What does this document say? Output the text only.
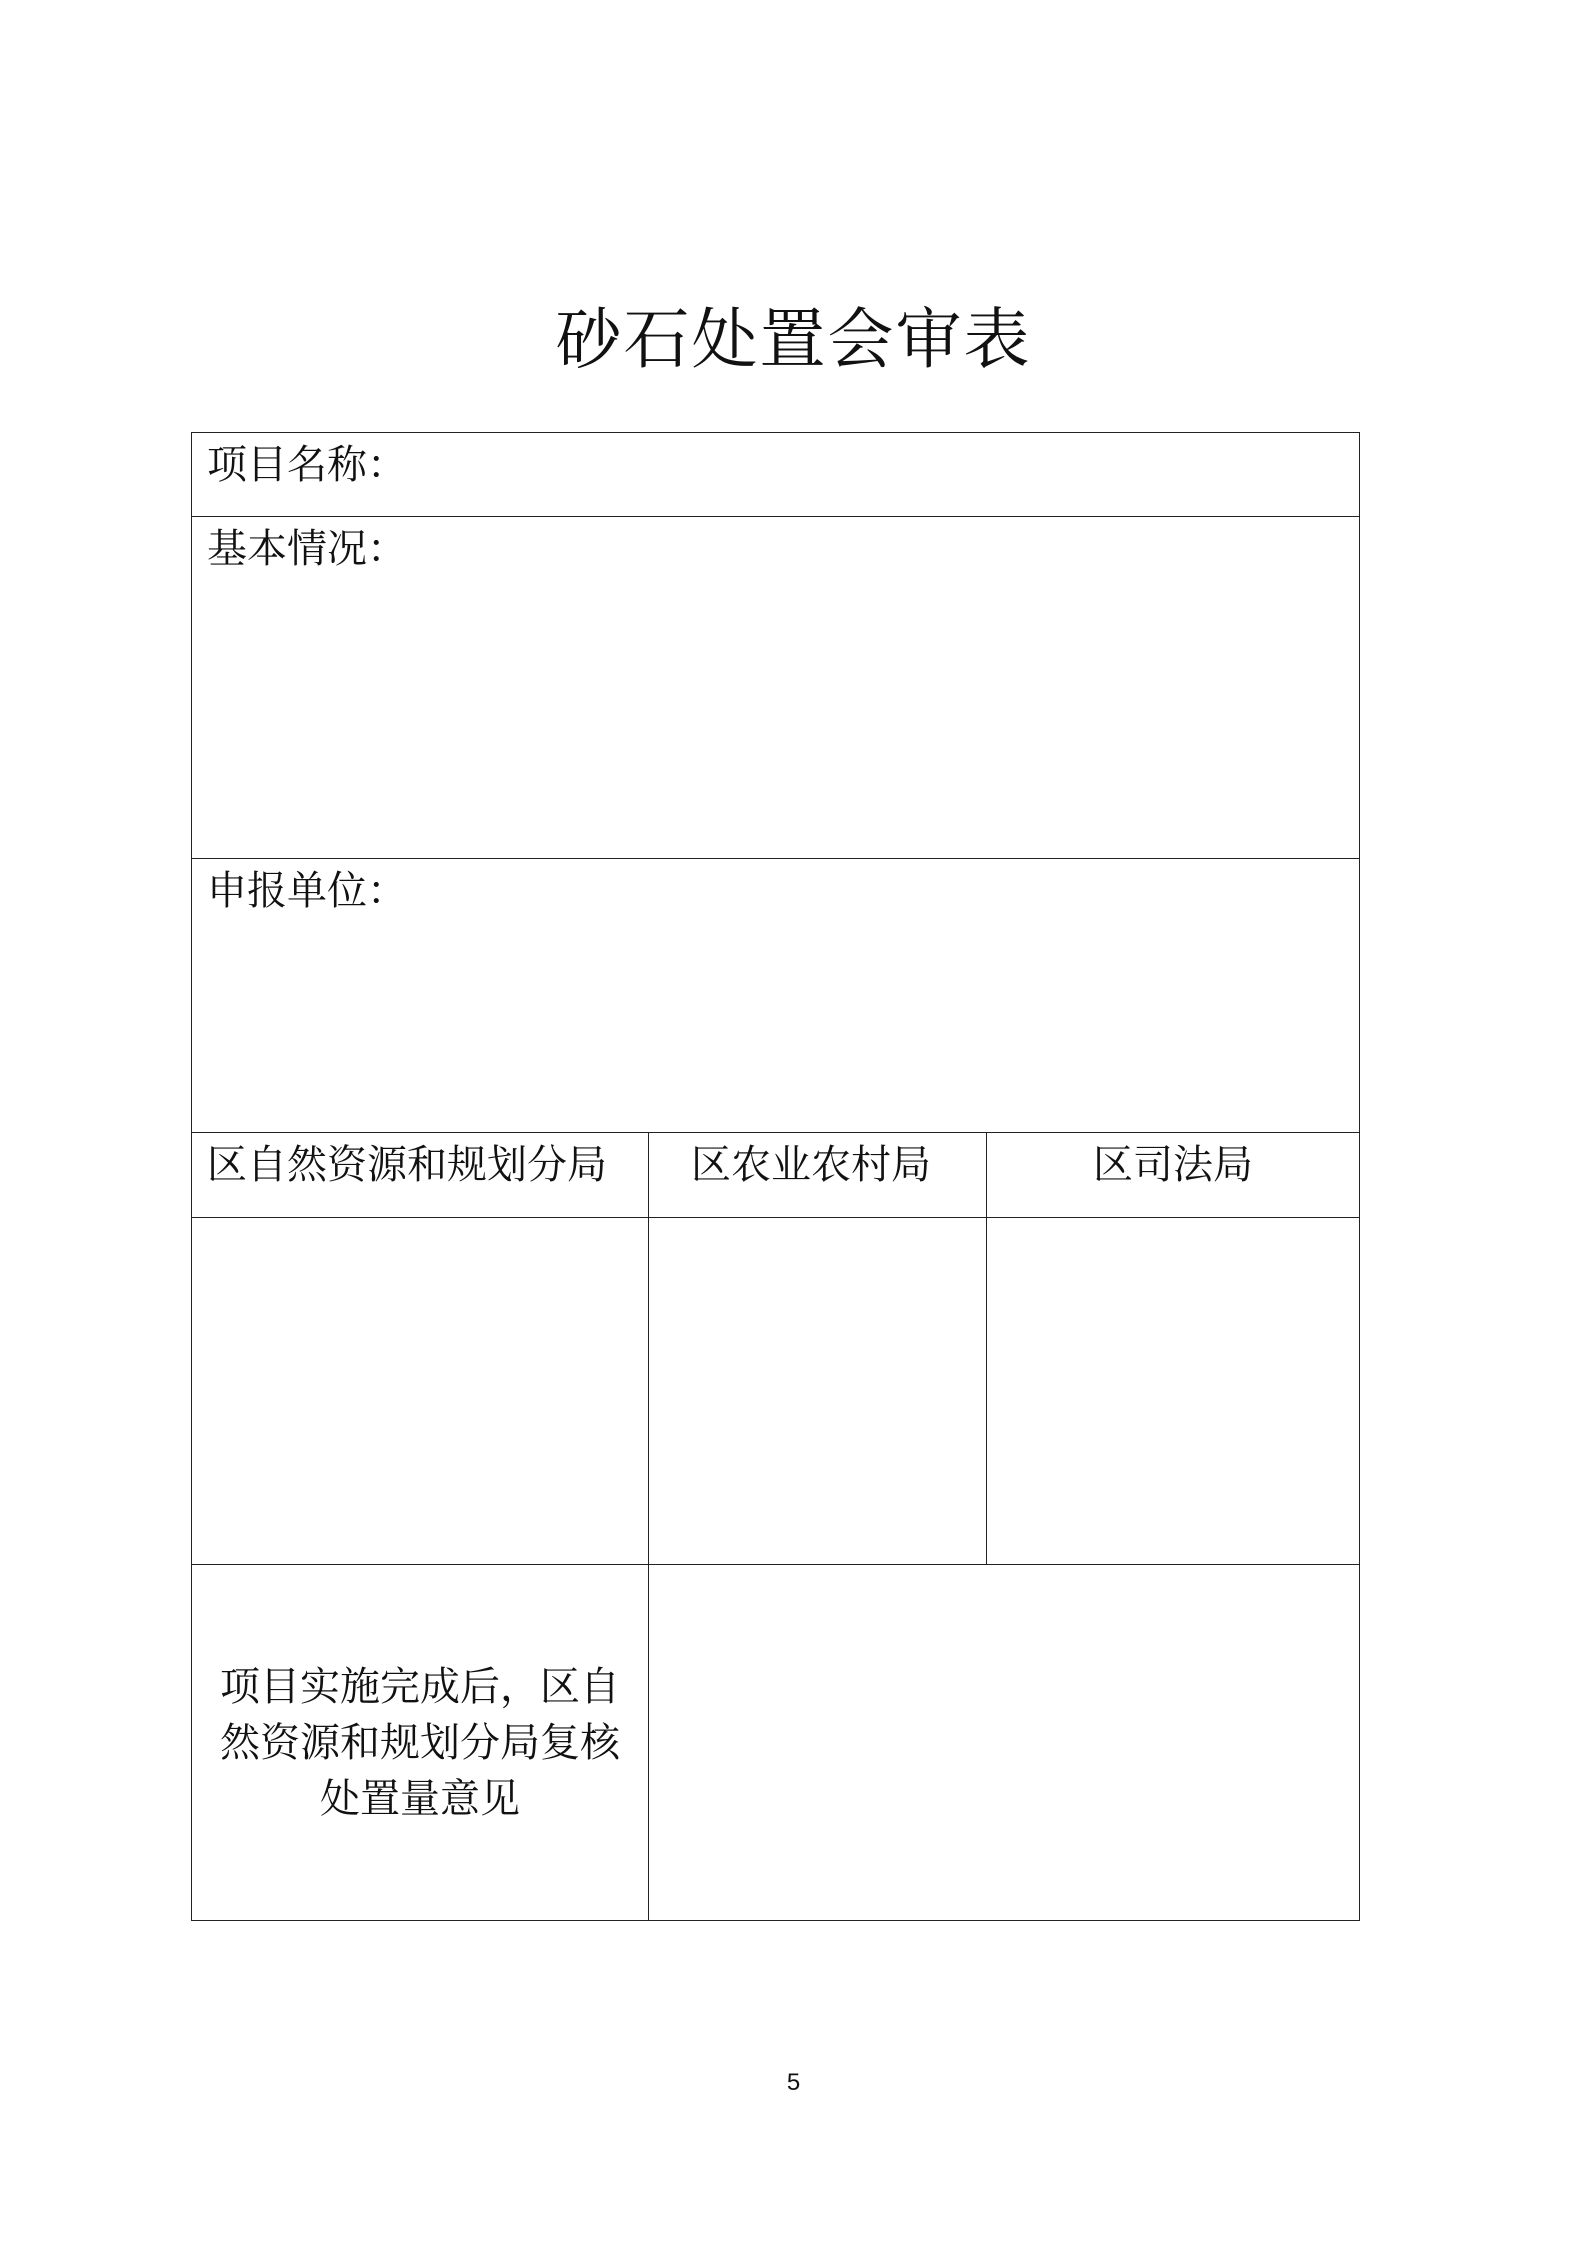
砂石处置会审表
项目名称：		

基本情况：		

申报单位：		

区自然资源和规划分局	区农业农村局	区司法局

项目实施完成后，区自然资源和规划分局复核处置量意见		
5
